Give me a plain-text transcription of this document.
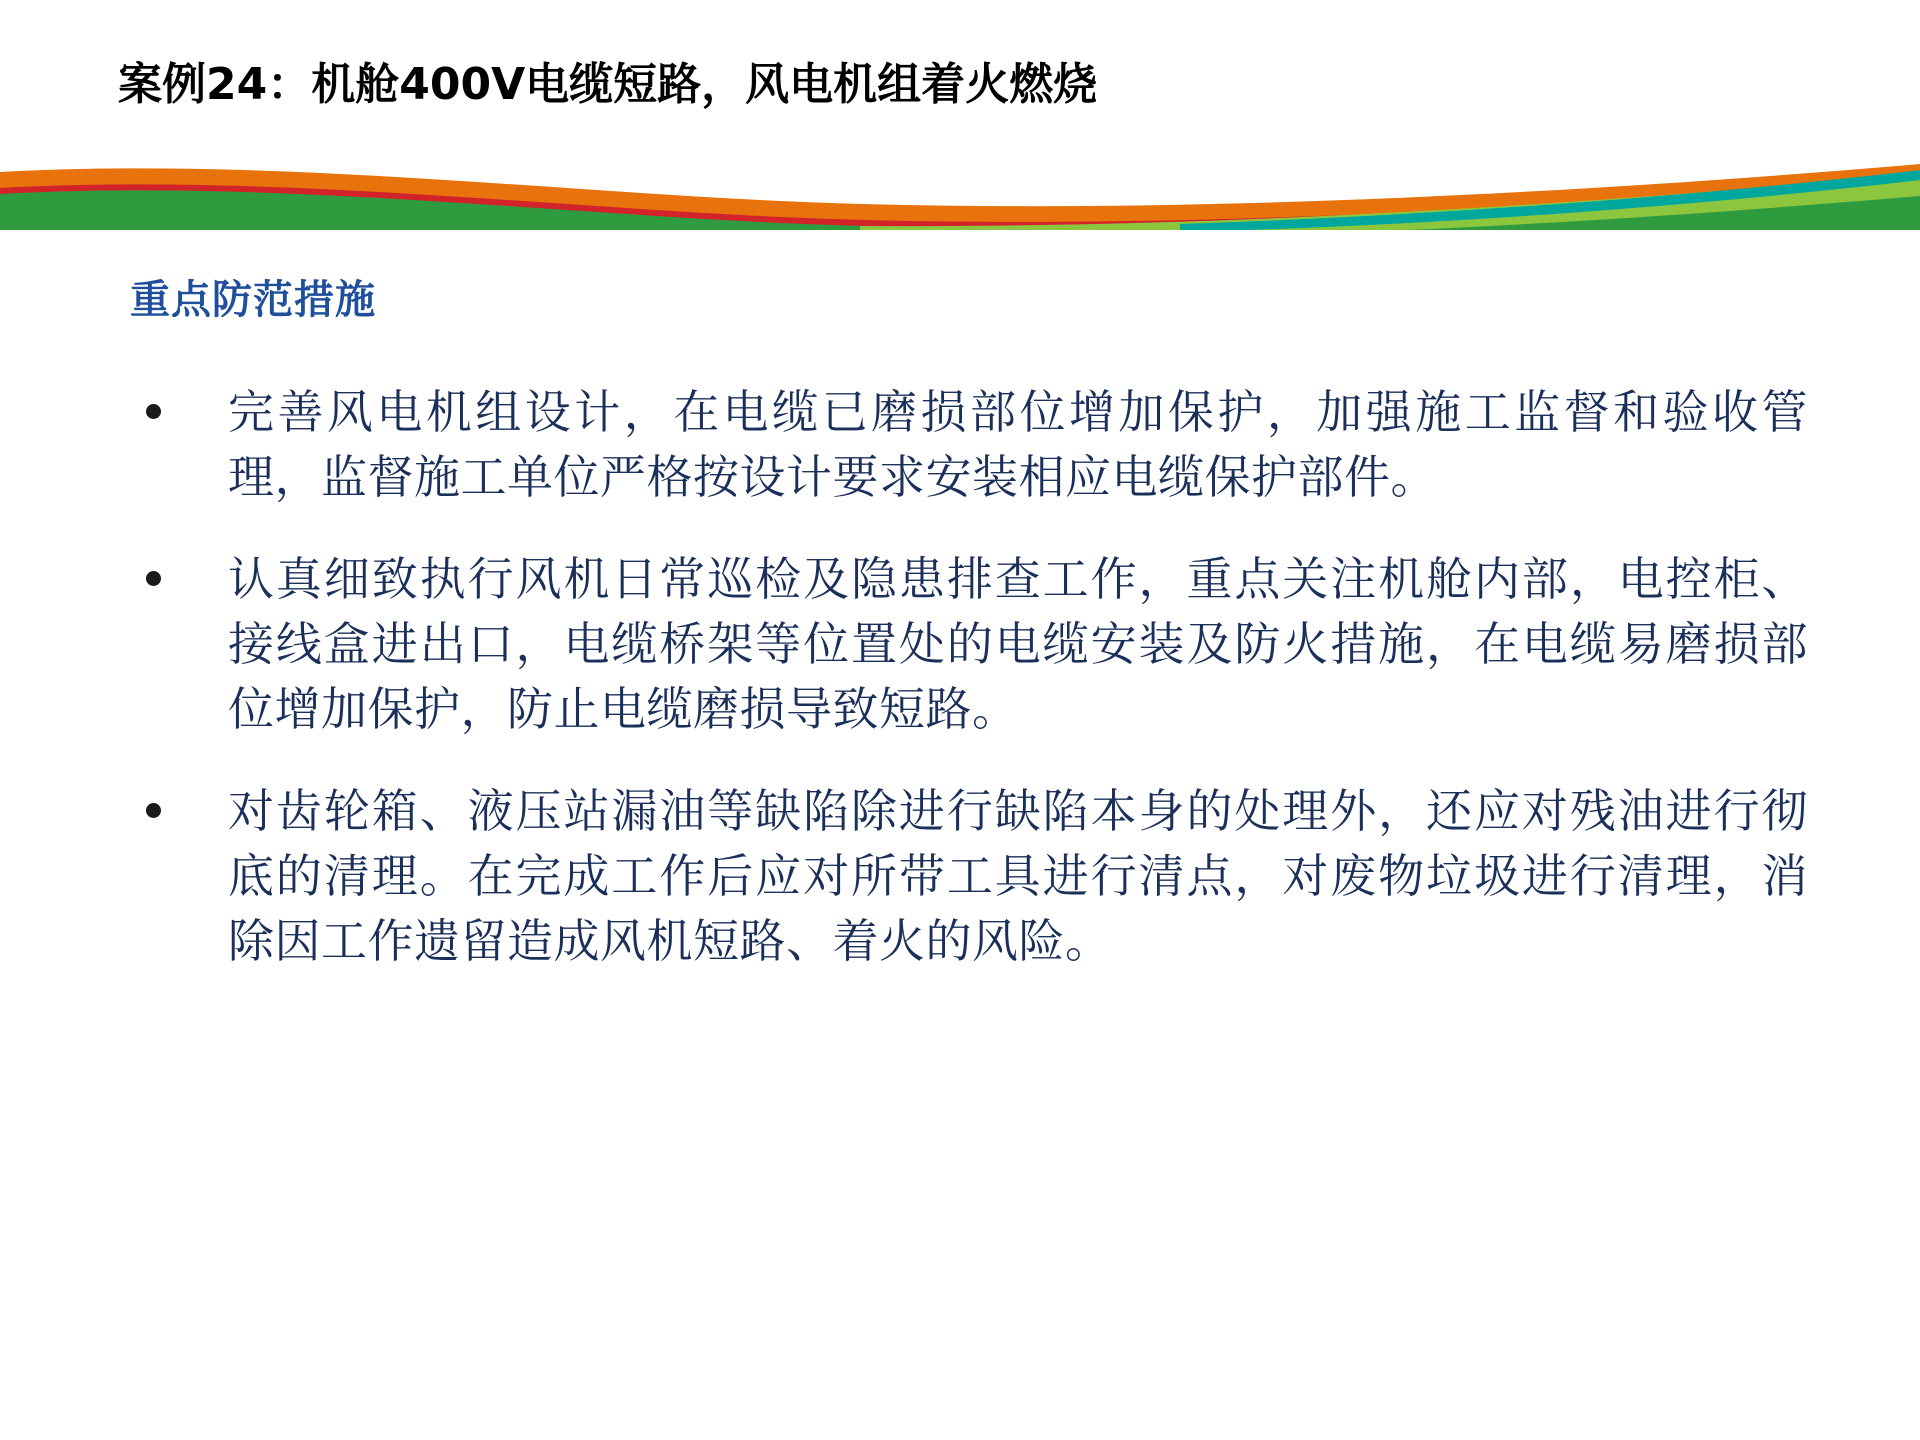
案例24：机舱400V电缆短路，风电机组着火燃烧
重点防范措施
完善风电机组设计，在电缆已磨损部位增加保护，加强施工监督和验收管理，监督施工单位严格按设计要求安装相应电缆保护部件。
认真细致执行风机日常巡检及隐患排查工作，重点关注机舱内部，电控柜、接线盒进出口，电缆桥架等位置处的电缆安装及防火措施，在电缆易磨损部位增加保护，防止电缆磨损导致短路。
对齿轮箱、液压站漏油等缺陷除进行缺陷本身的处理外，还应对残油进行彻底的清理。在完成工作后应对所带工具进行清点，对废物垃圾进行清理，消除因工作遗留造成风机短路、着火的风险。
